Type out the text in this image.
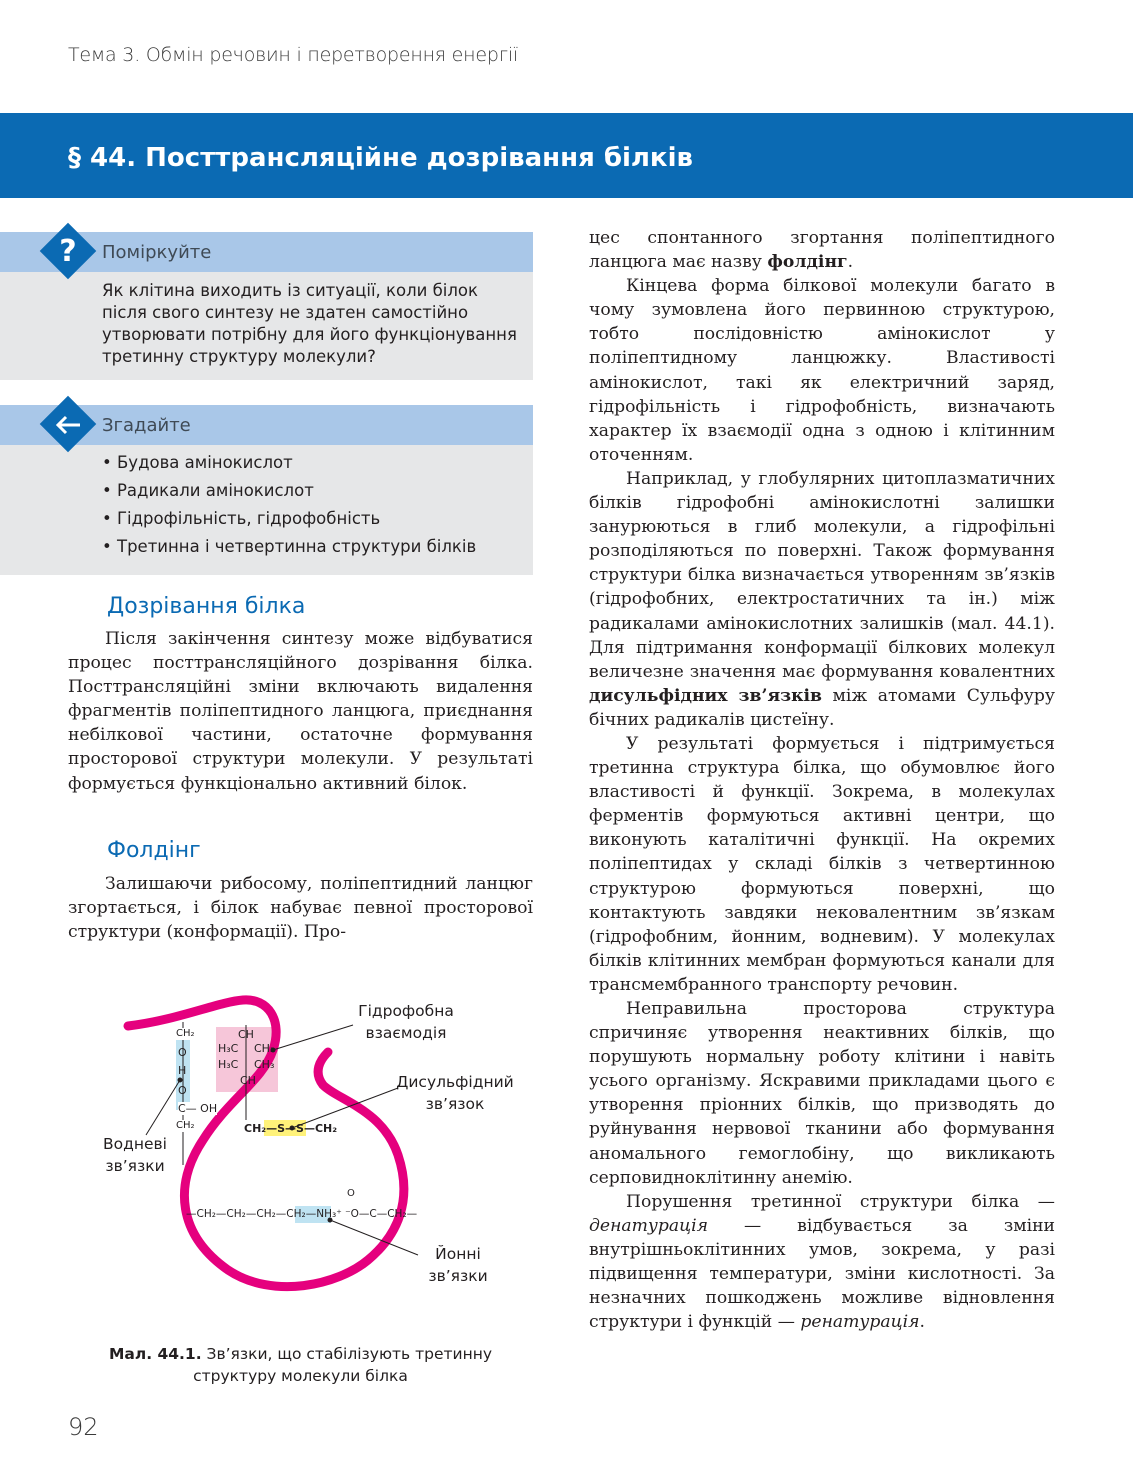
Тема 3. Обмін речовин і перетворення енергії
§ 44. Посттрансляційне дозрівання білків
?	Поміркуйте
Як клітина виходить із ситуації, коли білок після свого синтезу не здатен самостійно утворювати потрібну для його функціонування третинну структуру молекули?
Згадайте
• Будова амінокислот
• Радикали амінокислот
• Гідрофільність, гідрофобність
• Третинна і четвертинна структури білків
Дозрівання білка
Після закінчення синтезу може відбуватися процес посттрансляційного дозрівання білка. Посттрансляційні зміни включають видалення фрагментів поліпептидного ланцюга, приєднання небілкової частини, остаточне формування просторової структури молекули. У результаті формується функціонально активний білок.
Фолдінг
Залишаючи рибосому, поліпептидний ланцюг згортається, і білок набуває певної просторової структури (конформації). Про-
CH
H₃C CH₃
H₃C CH₃
CH
CH₂
O
H
O
C— OH
CH₂	CH₂—S—S—CH₂
—CH₂—CH₂—CH₂—CH₂—NH₃⁺ ⁻O—C—CH₂—
O
Гідрофобна
взаємодія
Дисульфідний
зв’язок
Водневі
зв’язки
Йонні
зв’язки
Мал. 44.1. Зв’язки, що стабілізують третинну структуру молекули білка

цес спонтанного згортання поліпептидного ланцюга має назву фолдінг.

Кінцева форма білкової молекули багато в чому зумовлена його первинною структурою, тобто послідовністю амінокислот у поліпептидному ланцюжку. Властивості амінокислот, такі як електричний заряд, гідрофільність і гідрофобність, визначають характер їх взаємодії одна з одною і клітинним оточенням.

Наприклад, у глобулярних цитоплазматичних білків гідрофобні амінокислотні залишки занурюються в глиб молекули, а гідрофільні розподіляються по поверхні. Також формування структури білка визначається утворенням зв’язків (гідрофобних, електростатичних та ін.) між радикалами амінокислотних залишків (мал. 44.1). Для підтримання конформації білкових молекул величезне значення має формування ковалентних дисульфідних зв’язків між атомами Сульфуру бічних радикалів цистеїну.

У результаті формується і підтримується третинна структура білка, що обумовлює його властивості й функції. Зокрема, в молекулах ферментів формуються активні центри, що виконують каталітичні функції. На окремих поліпептидах у складі білків з четвертинною структурою формуються поверхні, що контактують завдяки нековалентним зв’язкам (гідрофобним, йонним, водневим). У молекулах білків клітинних мембран формуються канали для трансмембранного транспорту речовин.

Неправильна просторова структура спричиняє утворення неактивних білків, що порушують нормальну роботу клітини і навіть усього організму. Яскравими прикладами цього є утворення пріонних білків, що призводять до руйнування нервової тканини або формування аномального гемоглобіну, що викликають серповидноклітинну анемію.

Порушення третинної структури білка — денатурація — відбувається за зміни внутрішньоклітинних умов, зокрема, у разі підвищення температури, зміни кислотності. За незначних пошкоджень можливе відновлення структури і функцій — ренатурація.

92
